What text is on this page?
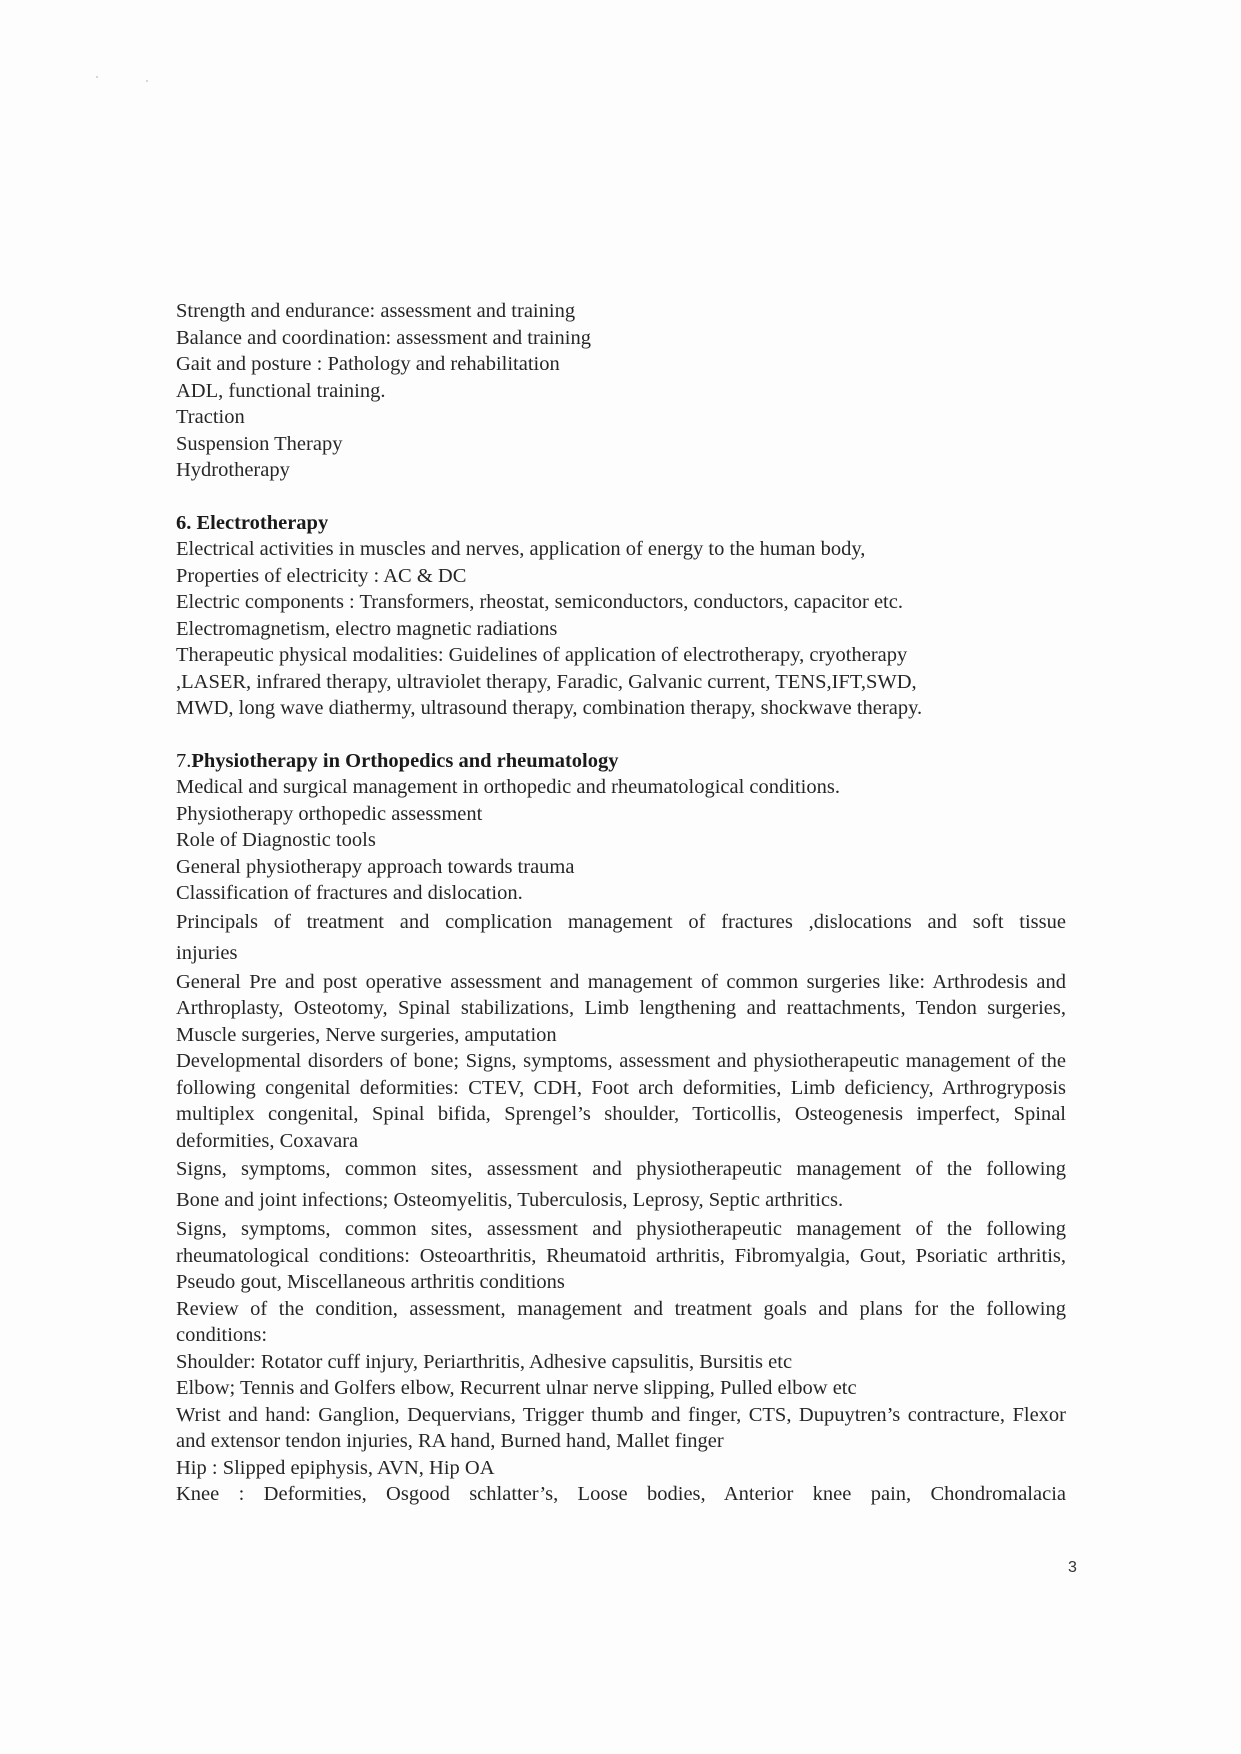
Strength and endurance: assessment and training
Balance and coordination: assessment and training
Gait and posture : Pathology and rehabilitation
ADL, functional training.
Traction
Suspension Therapy
Hydrotherapy
6. Electrotherapy
Electrical activities in muscles and nerves, application of energy to the human body,
Properties of electricity : AC & DC
Electric components : Transformers, rheostat, semiconductors, conductors, capacitor etc.
Electromagnetism, electro magnetic radiations
Therapeutic physical modalities: Guidelines of application of electrotherapy, cryotherapy
,LASER, infrared therapy, ultraviolet therapy, Faradic, Galvanic current, TENS,IFT,SWD,
MWD, long wave diathermy, ultrasound therapy, combination therapy, shockwave therapy.
7.Physiotherapy in Orthopedics and rheumatology
Medical and surgical management in orthopedic and rheumatological conditions.
Physiotherapy orthopedic assessment
Role of Diagnostic tools
General physiotherapy approach towards trauma
Classification of fractures and dislocation.
Principals of treatment and complication management of fractures ,dislocations and soft tissue
injuries
General Pre and post operative assessment and management of common surgeries like: Arthrodesis and Arthroplasty, Osteotomy, Spinal stabilizations, Limb lengthening and reattachments, Tendon surgeries, Muscle surgeries, Nerve surgeries, amputation
Developmental disorders of bone; Signs, symptoms, assessment and physiotherapeutic management of the following congenital deformities: CTEV, CDH, Foot arch deformities, Limb deficiency, Arthrogryposis multiplex congenital, Spinal bifida, Sprengel’s shoulder, Torticollis, Osteogenesis imperfect, Spinal deformities, Coxavara
Signs, symptoms, common sites, assessment and physiotherapeutic management of the following
Bone and joint infections; Osteomyelitis, Tuberculosis, Leprosy, Septic arthritics.
Signs, symptoms, common sites, assessment and physiotherapeutic management of the following rheumatological conditions: Osteoarthritis, Rheumatoid arthritis, Fibromyalgia, Gout, Psoriatic arthritis, Pseudo gout, Miscellaneous arthritis conditions
Review of the condition, assessment, management and treatment goals and plans for the following conditions:
Shoulder: Rotator cuff injury, Periarthritis, Adhesive capsulitis, Bursitis etc
Elbow; Tennis and Golfers elbow, Recurrent ulnar nerve slipping, Pulled elbow etc
Wrist and hand: Ganglion, Dequervians, Trigger thumb and finger, CTS, Dupuytren’s contracture, Flexor and extensor tendon injuries, RA hand, Burned hand, Mallet finger
Hip : Slipped epiphysis, AVN, Hip OA
Knee : Deformities, Osgood schlatter’s, Loose bodies, Anterior knee pain, Chondromalacia
3
